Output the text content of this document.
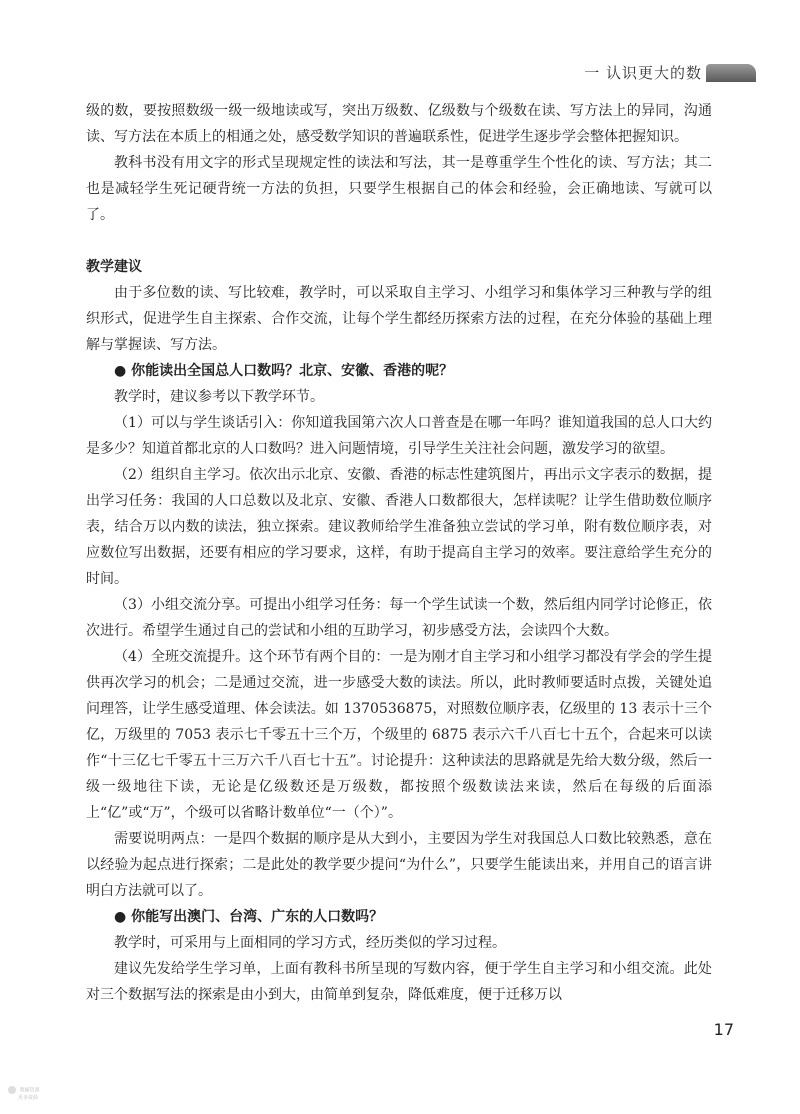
一 认识更大的数

级的数，要按照数级一级一级地读或写，突出万级数、亿级数与个级数在读、写方法上的异同，沟通读、写方法在本质上的相通之处，感受数学知识的普遍联系性，促进学生逐步学会整体把握知识。

教科书没有用文字的形式呈现规定性的读法和写法，其一是尊重学生个性化的读、写方法；其二也是减轻学生死记硬背统一方法的负担，只要学生根据自己的体会和经验，会正确地读、写就可以了。

教学建议

由于多位数的读、写比较难，教学时，可以采取自主学习、小组学习和集体学习三种教与学的组织形式，促进学生自主探索、合作交流，让每个学生都经历探索方法的过程，在充分体验的基础上理解与掌握读、写方法。

● 你能读出全国总人口数吗？北京、安徽、香港的呢？

教学时，建议参考以下教学环节。

（1）可以与学生谈话引入：你知道我国第六次人口普查是在哪一年吗？谁知道我国的总人口大约是多少？知道首都北京的人口数吗？进入问题情境，引导学生关注社会问题，激发学习的欲望。

（2）组织自主学习。依次出示北京、安徽、香港的标志性建筑图片，再出示文字表示的数据，提出学习任务：我国的人口总数以及北京、安徽、香港人口数都很大，怎样读呢？让学生借助数位顺序表，结合万以内数的读法，独立探索。建议教师给学生准备独立尝试的学习单，附有数位顺序表，对应数位写出数据，还要有相应的学习要求，这样，有助于提高自主学习的效率。要注意给学生充分的时间。

（3）小组交流分享。可提出小组学习任务：每一个学生试读一个数，然后组内同学讨论修正，依次进行。希望学生通过自己的尝试和小组的互助学习，初步感受方法，会读四个大数。

（4）全班交流提升。这个环节有两个目的：一是为刚才自主学习和小组学习都没有学会的学生提供再次学习的机会；二是通过交流，进一步感受大数的读法。所以，此时教师要适时点拨，关键处追问理答，让学生感受道理、体会读法。如 1370536875，对照数位顺序表，亿级里的 13 表示十三个亿，万级里的 7053 表示七千零五十三个万，个级里的 6875 表示六千八百七十五个，合起来可以读作“十三亿七千零五十三万六千八百七十五”。讨论提升：这种读法的思路就是先给大数分级，然后一级一级地往下读，无论是亿级数还是万级数，都按照个级数读法来读，然后在每级的后面添上“亿”或“万”，个级可以省略计数单位“一（个）”。

需要说明两点：一是四个数据的顺序是从大到小，主要因为学生对我国总人口数比较熟悉，意在以经验为起点进行探索；二是此处的教学要少提问“为什么”，只要学生能读出来，并用自己的语言讲明白方法就可以了。

● 你能写出澳门、台湾、广东的人口数吗？

教学时，可采用与上面相同的学习方式，经历类似的学习过程。

建议先发给学生学习单，上面有教科书所呈现的写数内容，便于学生自主学习和小组交流。此处对三个数据写法的探索是由小到大，由简单到复杂，降低难度，便于迁移万以

17
教辅资源
更多资源
